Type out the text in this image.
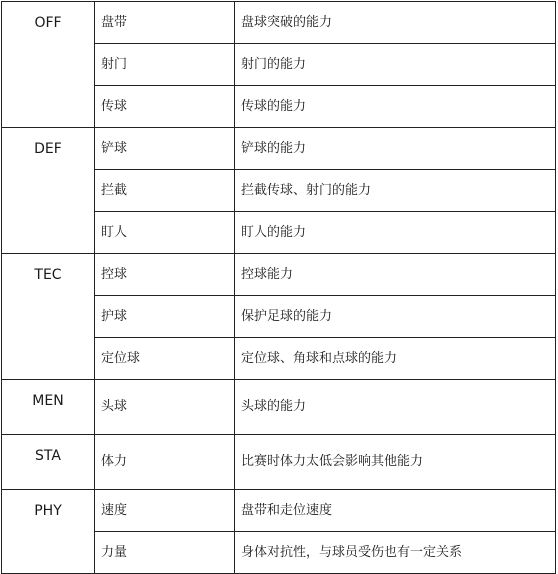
OFF	盘带	盘球突破的能力
	射门	射门的能力
	传球	传球的能力
DEF	铲球	铲球的能力
	拦截	拦截传球、射门的能力
	盯人	盯人的能力
TEC	控球	控球能力
	护球	保护足球的能力
	定位球	定位球、角球和点球的能力
MEN	头球	头球的能力
STA	体力	比赛时体力太低会影响其他能力
PHY	速度	盘带和走位速度
	力量	身体对抗性，与球员受伤也有一定关系
